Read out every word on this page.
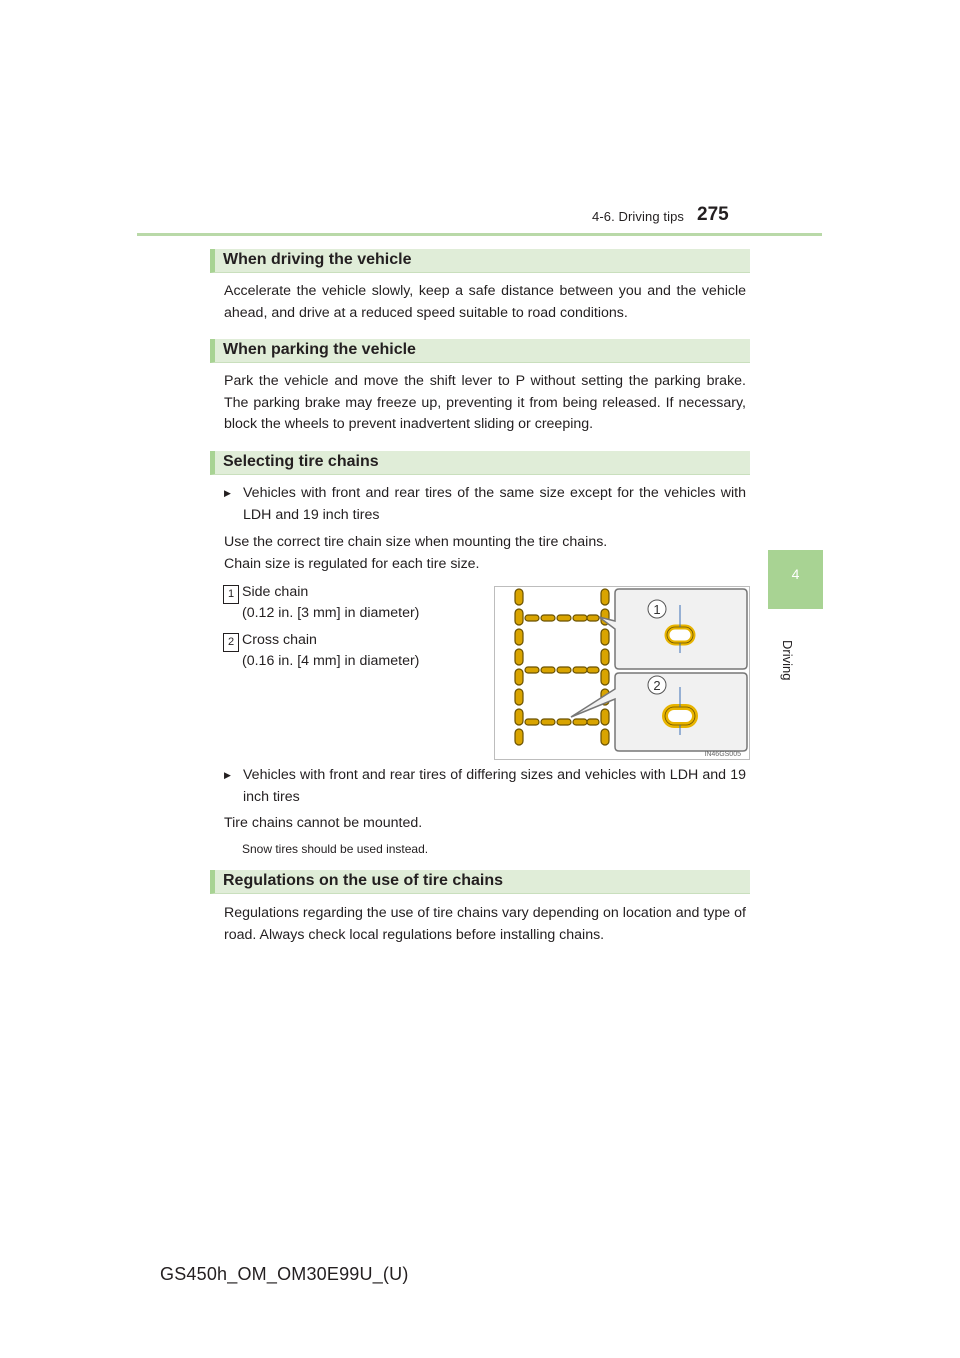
4-6. Driving tips 275
4
Driving
When driving the vehicle
Accelerate the vehicle slowly, keep a safe distance between you and the vehicle ahead, and drive at a reduced speed suitable to road conditions.
When parking the vehicle
Park the vehicle and move the shift lever to P without setting the parking brake. The parking brake may freeze up, preventing it from being released. If necessary, block the wheels to prevent inadvertent sliding or creeping.
Selecting tire chains
▶ Vehicles with front and rear tires of the same size except for the vehicles with LDH and 19 inch tires
Use the correct tire chain size when mounting the tire chains.
Chain size is regulated for each tire size.
1 Side chain
(0.12 in. [3 mm] in diameter)
2 Cross chain
(0.16 in. [4 mm] in diameter)
1
2
IN46GS005
▶ Vehicles with front and rear tires of differing sizes and vehicles with LDH and 19 inch tires
Tire chains cannot be mounted.
Snow tires should be used instead.
Regulations on the use of tire chains
Regulations regarding the use of tire chains vary depending on location and type of road. Always check local regulations before installing chains.
GS450h_OM_OM30E99U_(U)
